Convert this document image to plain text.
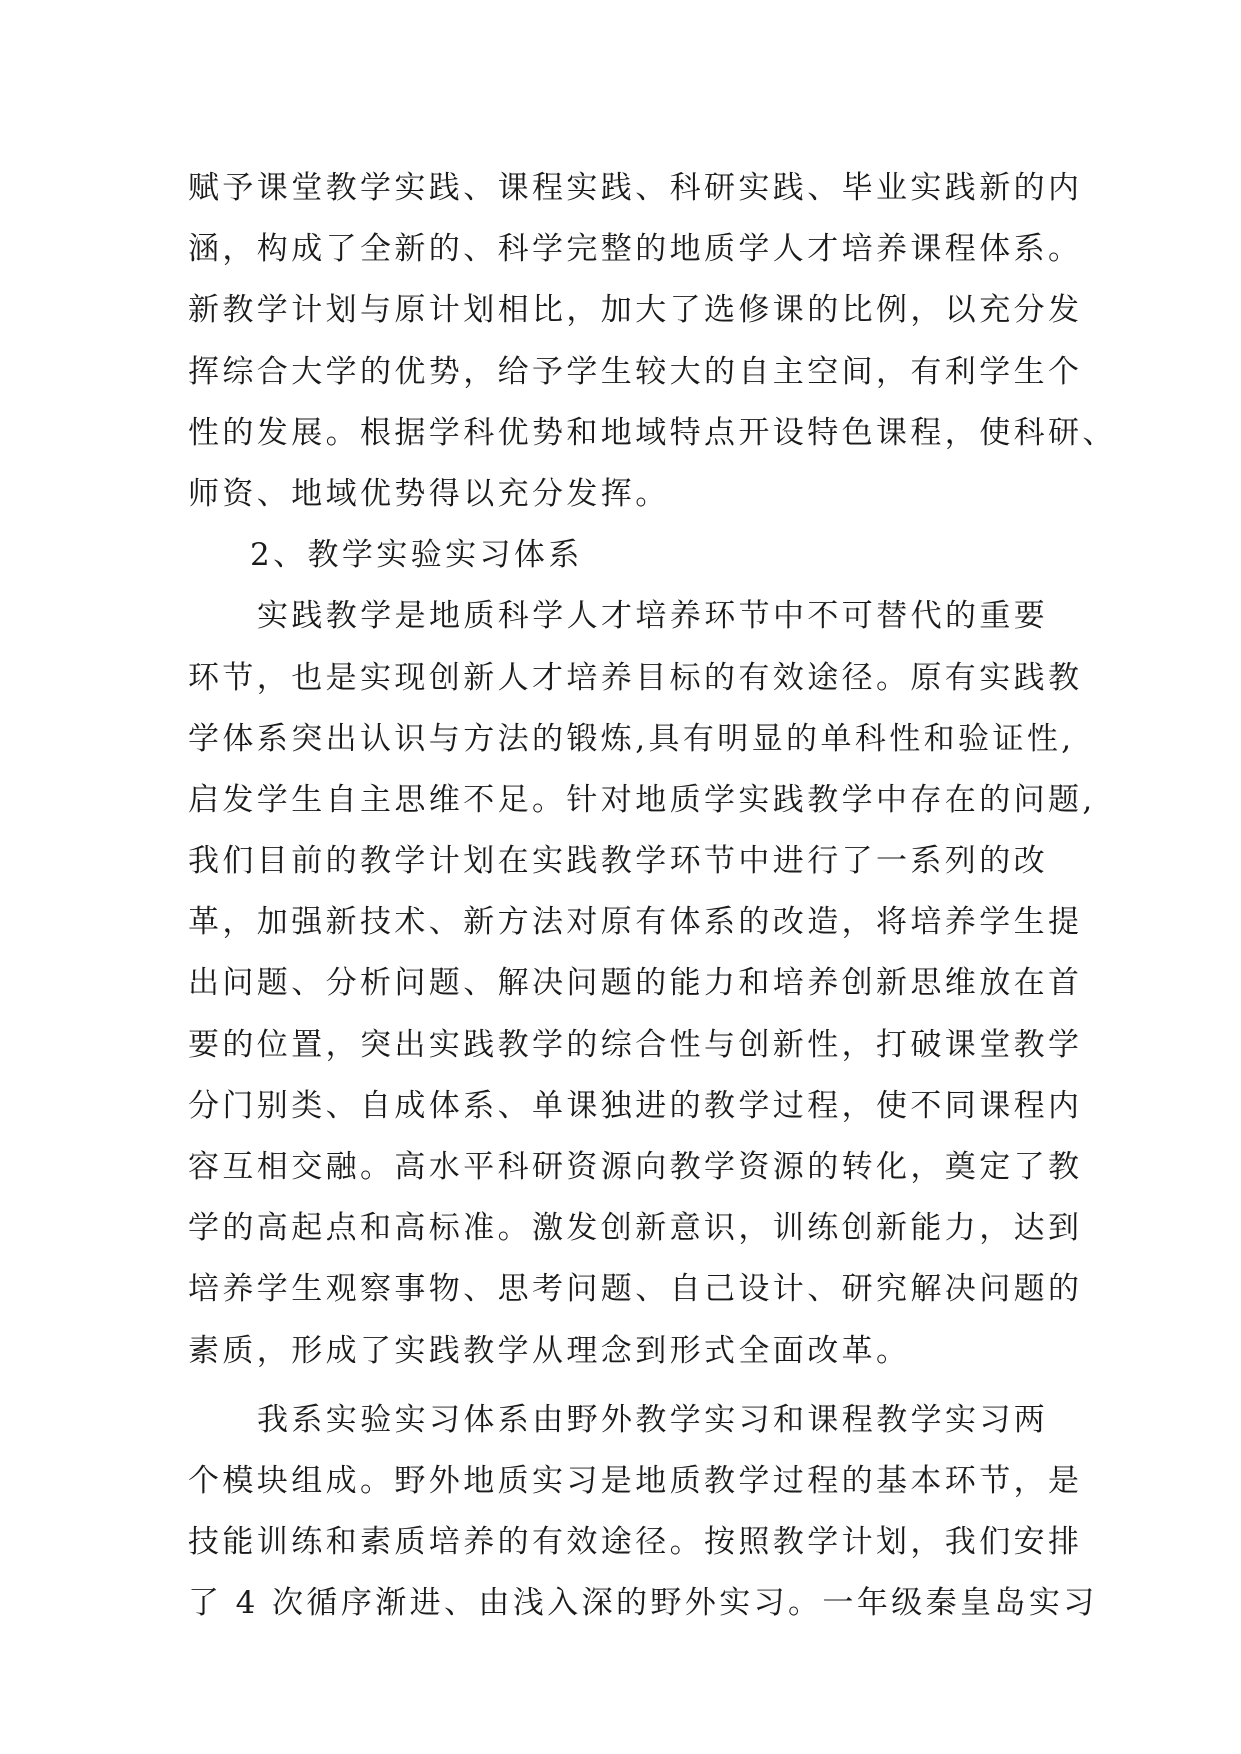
赋予课堂教学实践、课程实践、科研实践、毕业实践新的内
涵，构成了全新的、科学完整的地质学人才培养课程体系。
新教学计划与原计划相比，加大了选修课的比例，以充分发
挥综合大学的优势，给予学生较大的自主空间，有利学生个
性的发展。根据学科优势和地域特点开设特色课程，使科研、
师资、地域优势得以充分发挥。
2、教学实验实习体系
实践教学是地质科学人才培养环节中不可替代的重要
环节，也是实现创新人才培养目标的有效途径。原有实践教
学体系突出认识与方法的锻炼,具有明显的单科性和验证性,
启发学生自主思维不足。针对地质学实践教学中存在的问题,
我们目前的教学计划在实践教学环节中进行了一系列的改
革，加强新技术、新方法对原有体系的改造，将培养学生提
出问题、分析问题、解决问题的能力和培养创新思维放在首
要的位置，突出实践教学的综合性与创新性，打破课堂教学
分门别类、自成体系、单课独进的教学过程，使不同课程内
容互相交融。高水平科研资源向教学资源的转化，奠定了教
学的高起点和高标准。激发创新意识，训练创新能力，达到
培养学生观察事物、思考问题、自己设计、研究解决问题的
素质，形成了实践教学从理念到形式全面改革。
我系实验实习体系由野外教学实习和课程教学实习两
个模块组成。野外地质实习是地质教学过程的基本环节，是
技能训练和素质培养的有效途径。按照教学计划，我们安排
了 4 次循序渐进、由浅入深的野外实习。一年级秦皇岛实习
